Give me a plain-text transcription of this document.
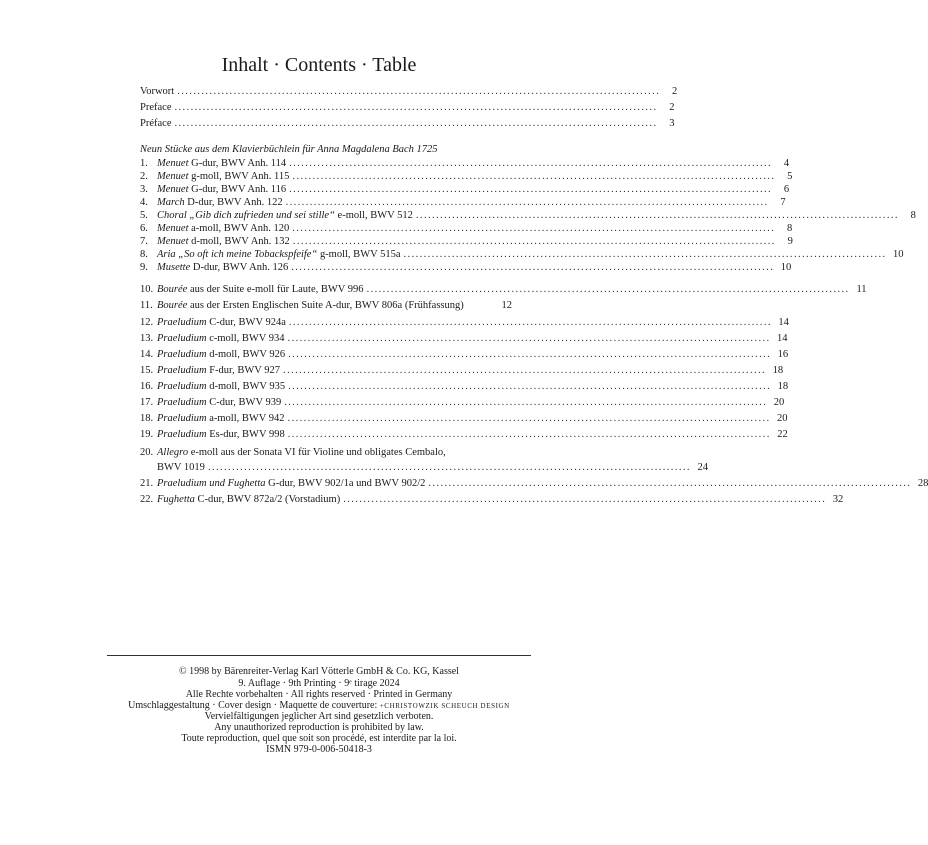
Inhalt · Contents · Table
Vorwort ........................................................................................................................	2
Preface ........................................................................................................................	2
Préface ........................................................................................................................	3
Neun Stücke aus dem Klavierbüchlein für Anna Magdalena Bach 1725
1. Menuet G-dur, BWV Anh. 114 ........................................................................................................................	4
2. Menuet g-moll, BWV Anh. 115 ........................................................................................................................	5
3. Menuet G-dur, BWV Anh. 116 ........................................................................................................................	6
4. March D-dur, BWV Anh. 122 ........................................................................................................................	7
5. Choral „Gib dich zufrieden und sei stille“ e-moll, BWV 512 ........................................................................................................................	8
6. Menuet a-moll, BWV Anh. 120 ........................................................................................................................	8
7. Menuet d-moll, BWV Anh. 132 ........................................................................................................................	9
8. Aria „So oft ich meine Tobackspfeife“ g-moll, BWV 515a ........................................................................................................................ 10
9. Musette D-dur, BWV Anh. 126 ........................................................................................................................ 10
10. Bourée aus der Suite e-moll für Laute, BWV 996 ........................................................................................................................ 11
11. Bourée aus der Ersten Englischen Suite A-dur, BWV 806a (Frühfassung)	12
12. Praeludium C-dur, BWV 924a ........................................................................................................................ 14
13. Praeludium c-moll, BWV 934 ........................................................................................................................ 14
14. Praeludium d-moll, BWV 926 ........................................................................................................................ 16
15. Praeludium F-dur, BWV 927 ........................................................................................................................ 18
16. Praeludium d-moll, BWV 935 ........................................................................................................................ 18
17. Praeludium C-dur, BWV 939 ........................................................................................................................ 20
18. Praeludium a-moll, BWV 942 ........................................................................................................................ 20
19. Praeludium Es-dur, BWV 998 ........................................................................................................................ 22
20. Allegro e-moll aus der Sonata VI für Violine und obligates Cembalo,
BWV 1019 ........................................................................................................................ 24
21. Praeludium und Fughetta G-dur, BWV 902/1a und BWV 902/2 ........................................................................................................................ 28
22. Fughetta C-dur, BWV 872a/2 (Vorstadium) ........................................................................................................................ 32
© 1998 by Bärenreiter-Verlag Karl Vötterle GmbH & Co. KG, Kassel
9. Auflage · 9th Printing · 9ᵉ tirage 2024
Alle Rechte vorbehalten · All rights reserved · Printed in Germany
Umschlaggestaltung · Cover design · Maquette de couverture: +CHRISTOWZIK SCHEUCH DESIGN
Vervielfältigungen jeglicher Art sind gesetzlich verboten.
Any unauthorized reproduction is prohibited by law.
Toute reproduction, quel que soit son procédé, est interdite par la loi.
ISMN 979-0-006-50418-3
